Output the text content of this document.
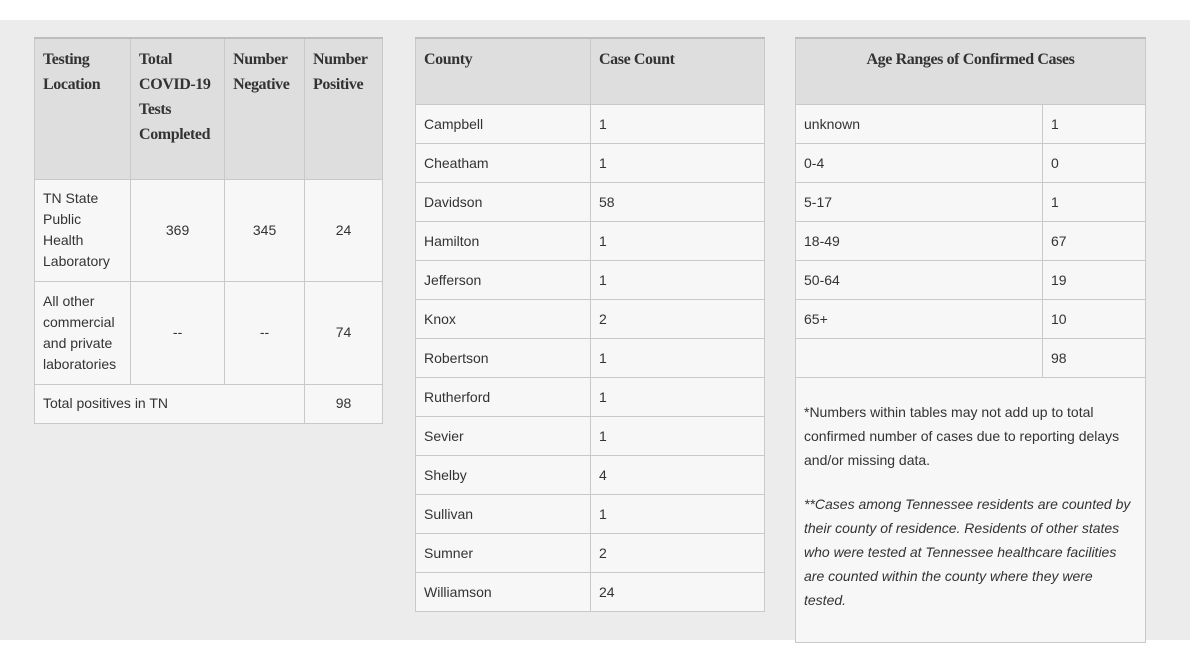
Testing Location	Total COVID-19 Tests Completed	Number Negative	Number Positive
TN State Public Health Laboratory	369	345	24
All other commercial and private laboratories	--	--	74
Total positives in TN			98
County	Case Count
Campbell	1
Cheatham	1
Davidson	58
Hamilton	1
Jefferson	1
Knox	2
Robertson	1
Rutherford	1
Sevier	1
Shelby	4
Sullivan	1
Sumner	2
Williamson	24
Age Ranges of Confirmed Cases	
unknown	1
0-4	0
5-17	1
18-49	67
50-64	19
65+	10
	98

*Numbers within tables may not add up to total confirmed number of cases due to reporting delays and/or missing data.

**Cases among Tennessee residents are counted by their county of residence. Residents of other states who were tested at Tennessee healthcare facilities are counted within the county where they were tested.	
